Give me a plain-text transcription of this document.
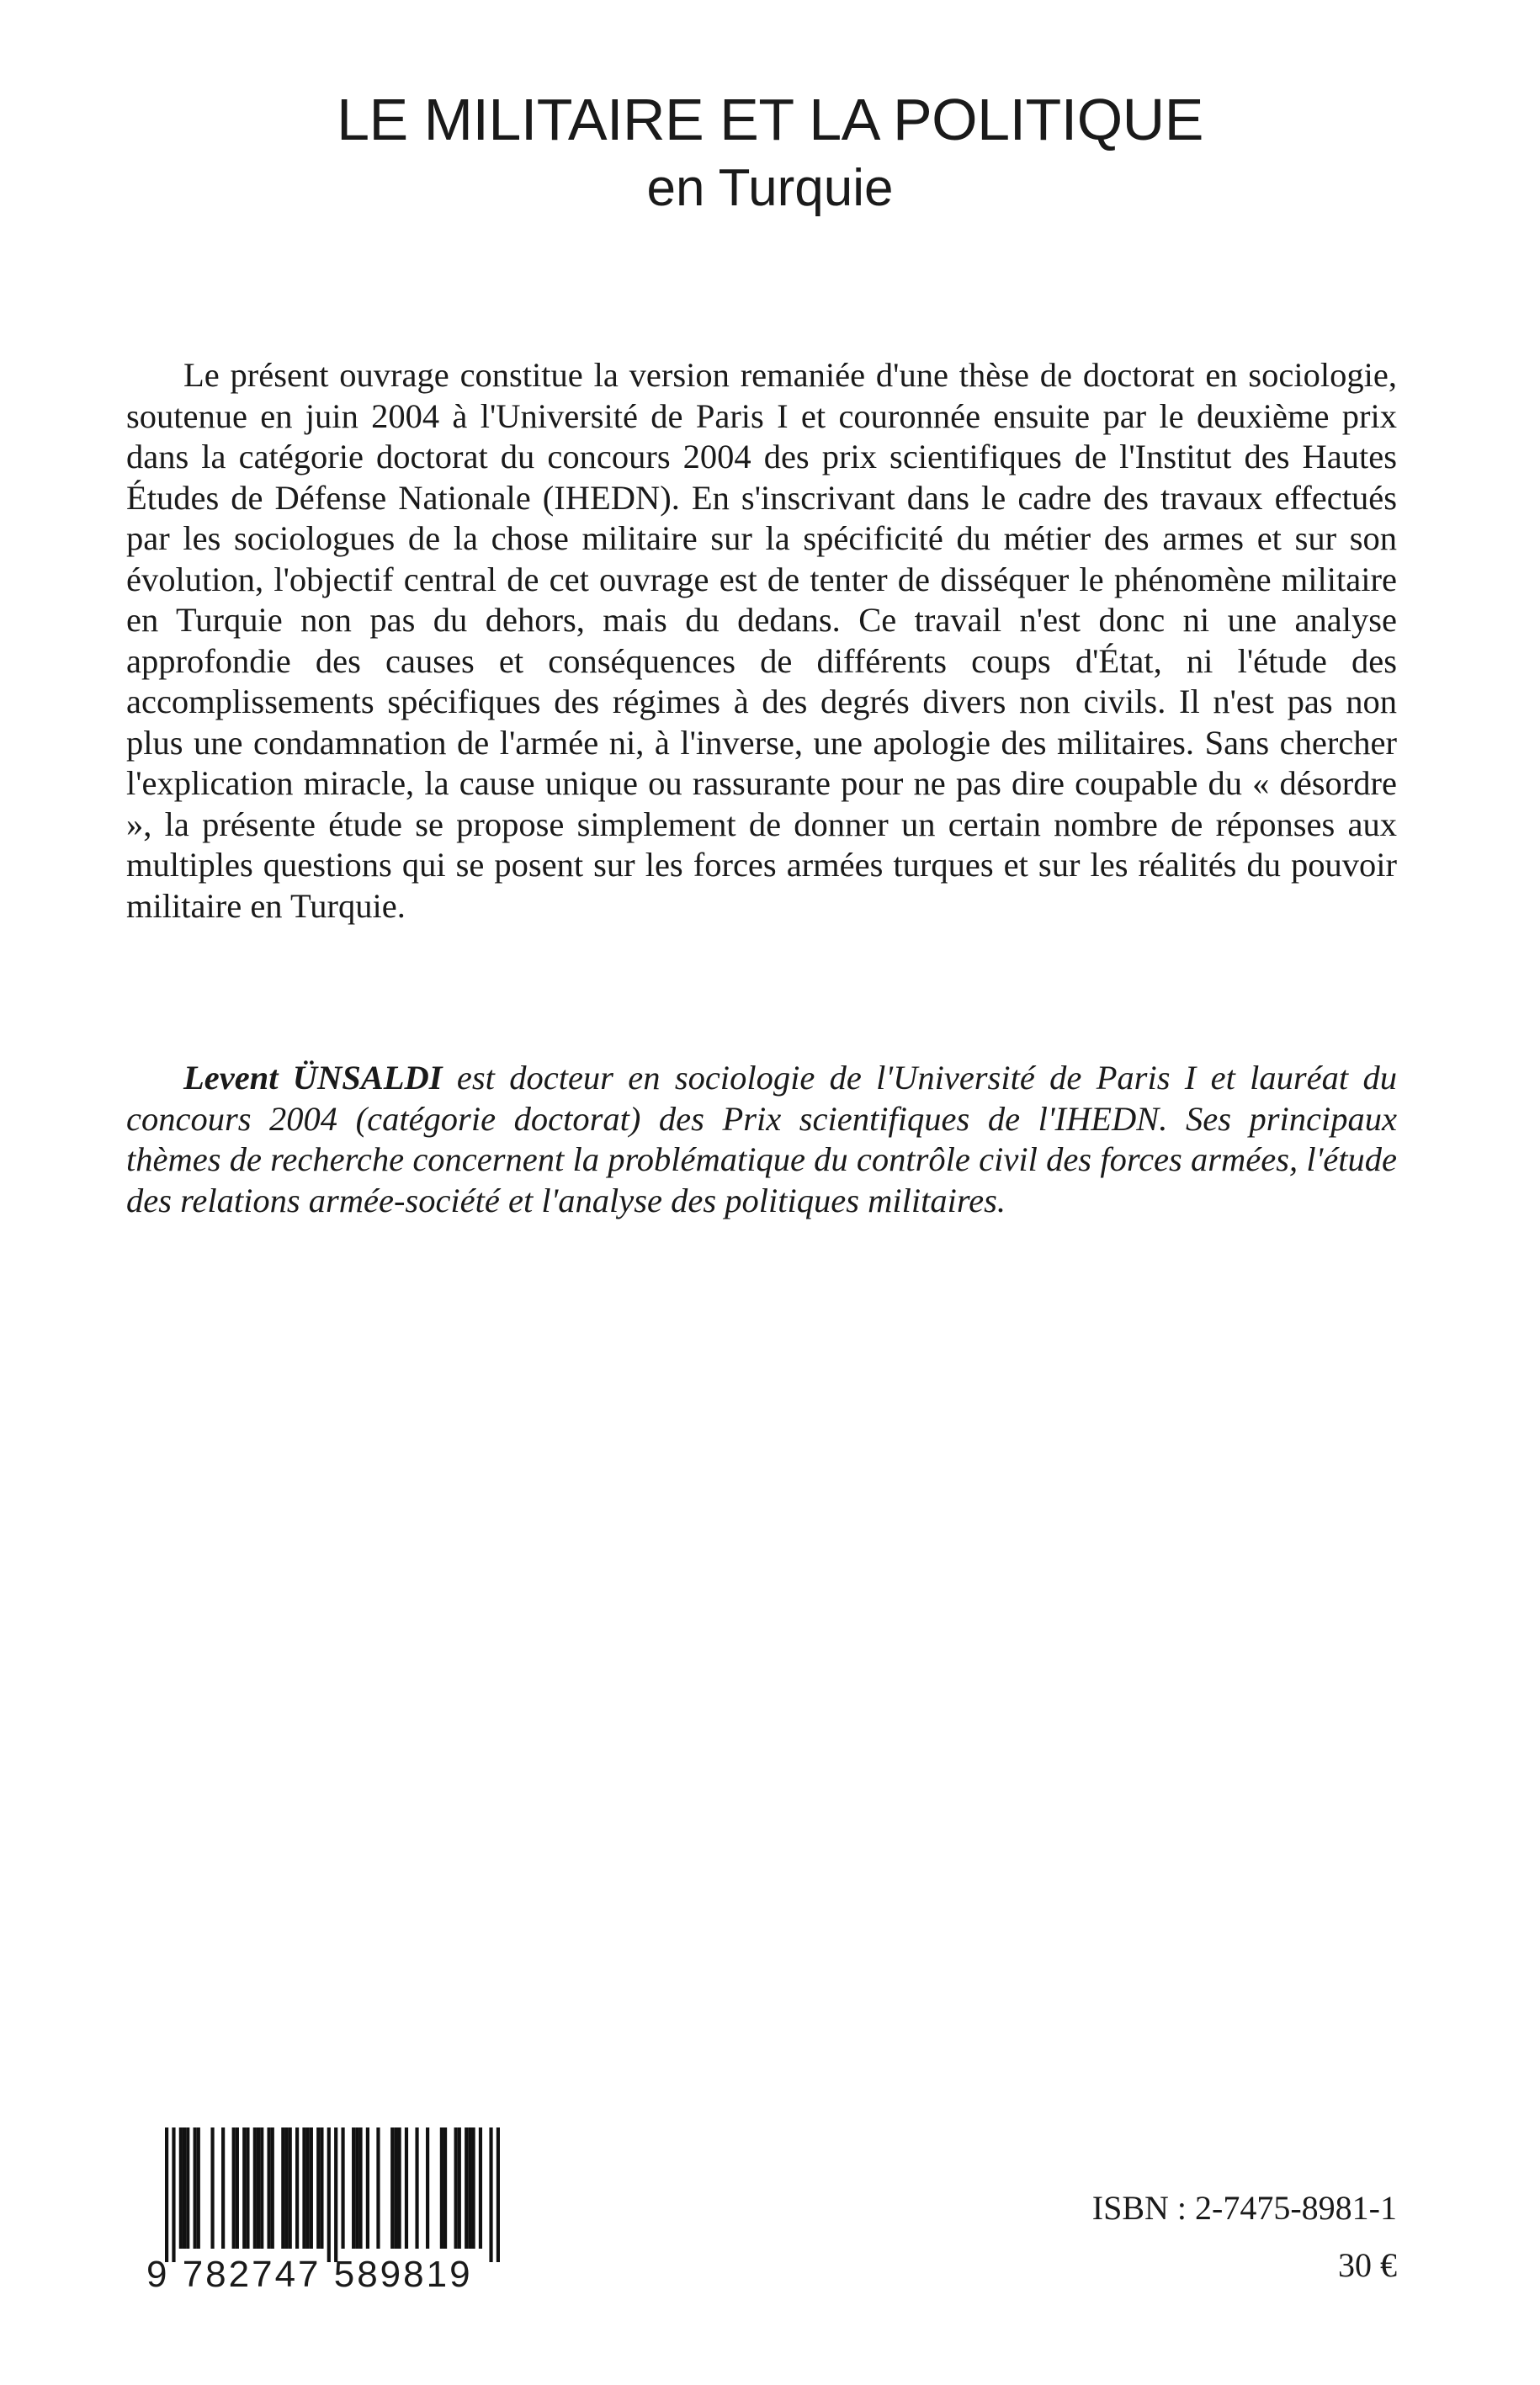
LE MILITAIRE ET LA POLITIQUE
en Turquie

Le présent ouvrage constitue la version remaniée d'une thèse de doctorat en sociologie, soutenue en juin 2004 à l'Université de Paris I et couronnée ensuite par le deuxième prix dans la catégorie doctorat du concours 2004 des prix scientifiques de l'Institut des Hautes Études de Défense Nationale (IHEDN). En s'inscrivant dans le cadre des travaux effectués par les sociologues de la chose militaire sur la spécificité du métier des armes et sur son évolution, l'objectif central de cet ouvrage est de tenter de disséquer le phénomène militaire en Turquie non pas du dehors, mais du dedans. Ce travail n'est donc ni une analyse approfondie des causes et conséquences de différents coups d'État, ni l'étude des accomplissements spécifiques des régimes à des degrés divers non civils. Il n'est pas non plus une condamnation de l'armée ni, à l'inverse, une apologie des militaires. Sans chercher l'explication miracle, la cause unique ou rassurante pour ne pas dire coupable du « désordre », la présente étude se propose simplement de donner un certain nombre de réponses aux multiples questions qui se posent sur les forces armées turques et sur les réalités du pouvoir militaire en Turquie.

Levent ÜNSALDI est docteur en sociologie de l'Université de Paris I et lauréat du concours 2004 (catégorie doctorat) des Prix scientifiques de l'IHEDN. Ses principaux thèmes de recherche concernent la problématique du contrôle civil des forces armées, l'étude des relations armée-société et l'analyse des politiques militaires.

9 782747 589819
ISBN : 2-7475-8981-1
30 €
